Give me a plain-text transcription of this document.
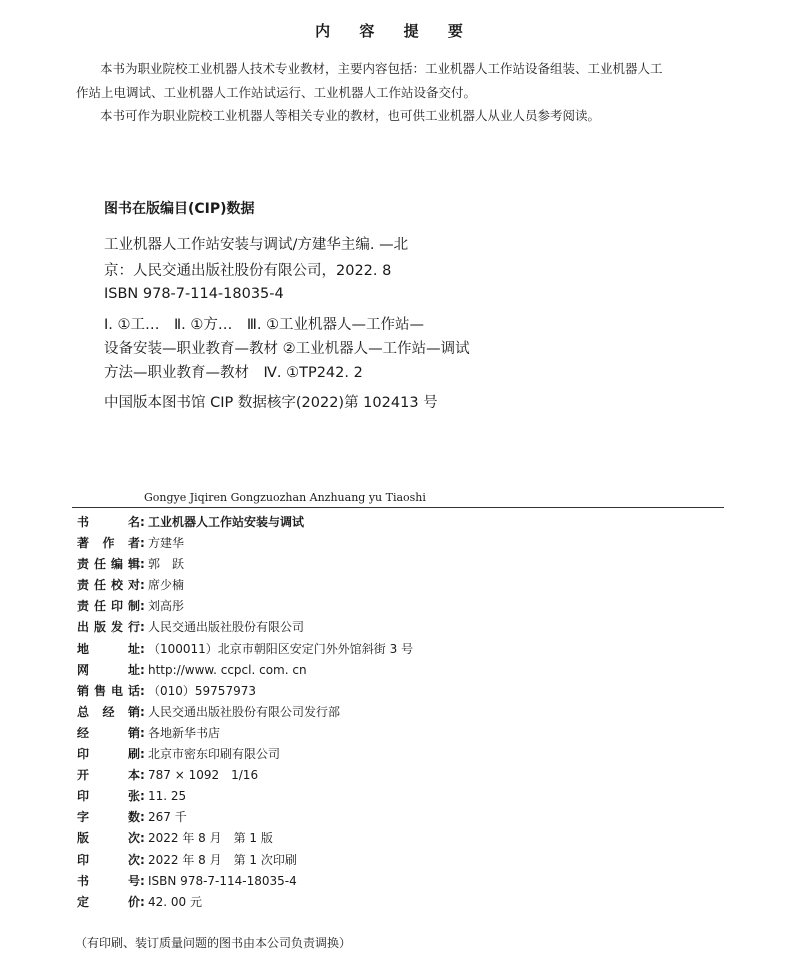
内 容 提 要
本书为职业院校工业机器人技术专业教材，主要内容包括：工业机器人工作站设备组装、工业机器人工
作站上电调试、工业机器人工作站试运行、工业机器人工作站设备交付。
本书可作为职业院校工业机器人等相关专业的教材，也可供工业机器人从业人员参考阅读。
图书在版编目(CIP)数据
工业机器人工作站安装与调试/方建华主编. —北
京：人民交通出版社股份有限公司，2022. 8
ISBN 978-7-114-18035-4
Ⅰ. ①工…　Ⅱ. ①方…　Ⅲ. ①工业机器人—工作站—
设备安装—职业教育—教材 ②工业机器人—工作站—调试
方法—职业教育—教材　Ⅳ. ①TP242. 2
中国版本图书馆 CIP 数据核字(2022)第 102413 号
Gongye Jiqiren Gongzuozhan Anzhuang yu Tiaoshi
书名 : 工业机器人工作站安装与调试
著作者 : 方建华
责任编辑 : 郭　跃
责任校对 : 席少楠
责任印制 : 刘高彤
出版发行 : 人民交通出版社股份有限公司
地址 : （100011）北京市朝阳区安定门外外馆斜街 3 号
网址 : http://www. ccpcl. com. cn
销售电话 : （010）59757973
总经销 : 人民交通出版社股份有限公司发行部
经销 : 各地新华书店
印刷 : 北京市密东印刷有限公司
开本 : 787 × 1092　1/16
印张 : 11. 25
字数 : 267 千
版次 : 2022 年 8 月　第 1 版
印次 : 2022 年 8 月　第 1 次印刷
书号 : ISBN 978-7-114-18035-4
定价 : 42. 00 元
（有印刷、装订质量问题的图书由本公司负责调换）
